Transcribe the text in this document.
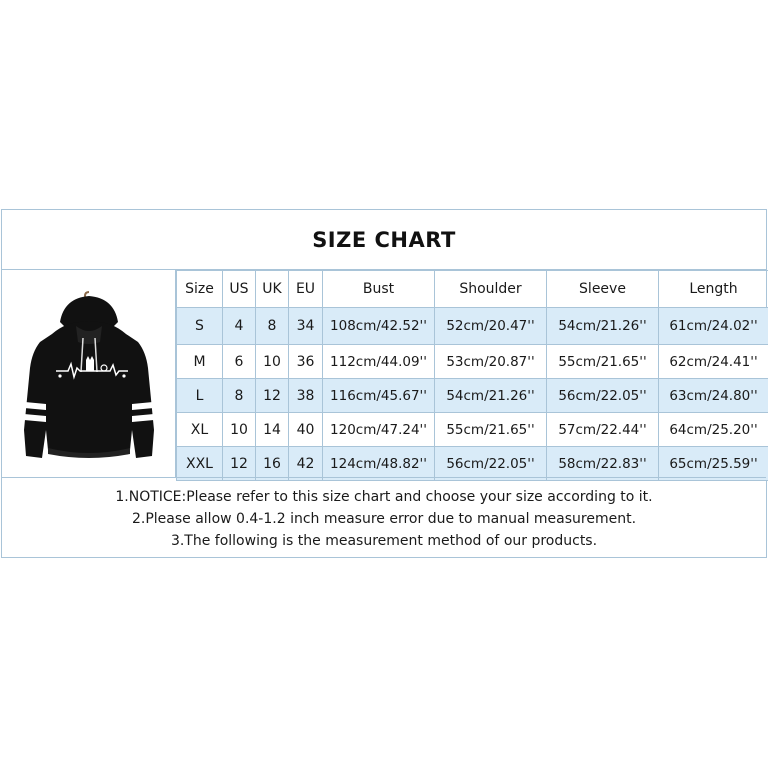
SIZE CHART
Size	US	UK	EU	Bust	Shoulder	Sleeve	Length
S	4	8	34	108cm/42.52''	52cm/20.47''	54cm/21.26''	61cm/24.02''
M	6	10	36	112cm/44.09''	53cm/20.87''	55cm/21.65''	62cm/24.41''
L	8	12	38	116cm/45.67''	54cm/21.26''	56cm/22.05''	63cm/24.80''
XL	10	14	40	120cm/47.24''	55cm/21.65''	57cm/22.44''	64cm/25.20''
XXL	12	16	42	124cm/48.82''	56cm/22.05''	58cm/22.83''	65cm/25.59''

1.NOTICE:Please refer to this size chart and choose your size according to it.

2.Please allow 0.4-1.2 inch measure error due to manual measurement.

3.The following is the measurement method of our products.
